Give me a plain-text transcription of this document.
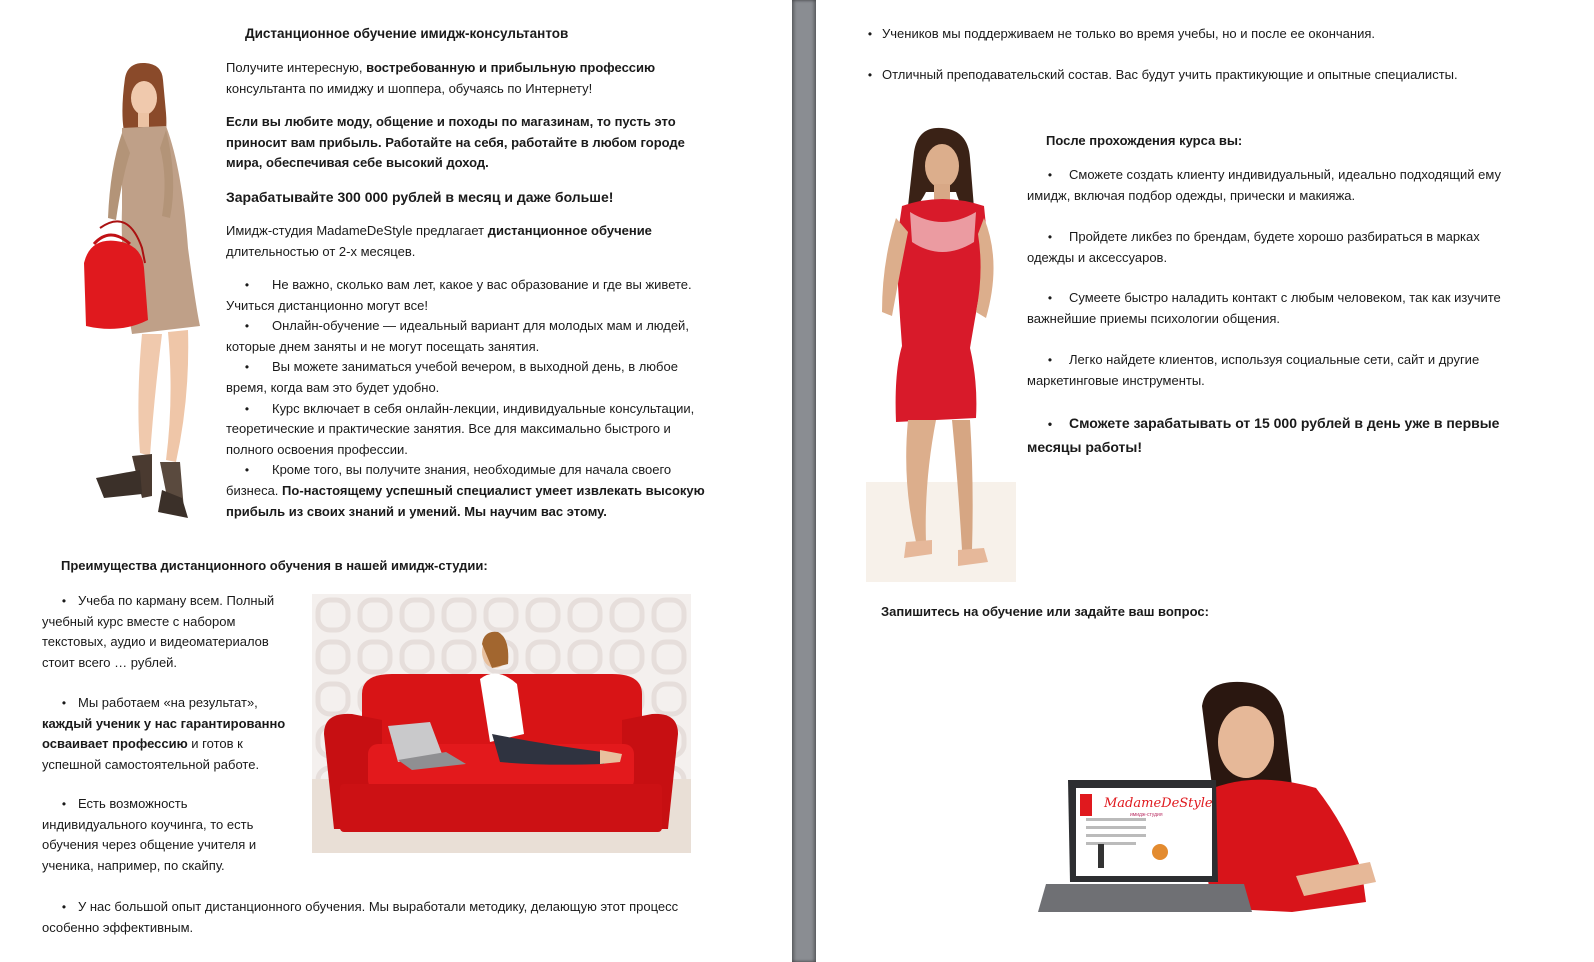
Дистанционное обучение имидж-консультантов
Получите интересную, востребованную и прибыльную профессию
консультанта по имиджу и шоппера, обучаясь по Интернету!
Если вы любите моду, общение и походы по магазинам, то пусть это приносит вам прибыль. Работайте на себя, работайте в любом городе мира, обеспечивая себе высокий доход.
Зарабатывайте 300 000 рублей в месяц и даже больше!
Имидж-студия MadameDeStyle предлагает дистанционное обучение
длительностью от 2-х месяцев.
• Не важно, сколько вам лет, какое у вас образование и где вы живете. Учиться дистанционно могут все!
• Онлайн-обучение — идеальный вариант для молодых мам и людей, которые днем заняты и не могут посещать занятия.
• Вы можете заниматься учебой вечером, в выходной день, в любое время, когда вам это будет удобно.
• Курс включает в себя онлайн-лекции, индивидуальные консультации, теоретические и практические занятия. Все для максимально быстрого и полного освоения профессии.
• Кроме того, вы получите знания, необходимые для начала своего бизнеса. По-настоящему успешный специалист умеет извлекать высокую прибыль из своих знаний и умений. Мы научим вас этому.
Преимущества дистанционного обучения в нашей имидж-студии:
• Учеба по карману всем. Полный учебный курс вместе с набором текстовых, аудио и видеоматериалов стоит всего … рублей.
• Мы работаем «на результат», каждый ученик у нас гарантированно осваивает профессию и готов к успешной самостоятельной работе.
• Есть возможность индивидуального коучинга, то есть обучения через общение учителя и ученика, например, по скайпу.
• У нас большой опыт дистанционного обучения. Мы выработали методику, делающую этот процесс особенно эффективным.
• Учеников мы поддерживаем не только во время учебы, но и после ее окончания.
• Отличный преподавательский состав. Вас будут учить практикующие и опытные специалисты.
После прохождения курса вы:
• Сможете создать клиенту индивидуальный, идеально подходящий ему имидж, включая подбор одежды, прически и макияжа.
• Пройдете ликбез по брендам, будете хорошо разбираться в марках одежды и аксессуаров.
• Сумеете быстро наладить контакт с любым человеком, так как изучите важнейшие приемы психологии общения.
• Легко найдете клиентов, используя социальные сети, сайт и другие маркетинговые инструменты.
• Сможете зарабатывать от 15 000 рублей в день уже в первые месяцы работы!
Запишитесь на обучение или задайте ваш вопрос:
MadameDeStyle
имидж-студия
